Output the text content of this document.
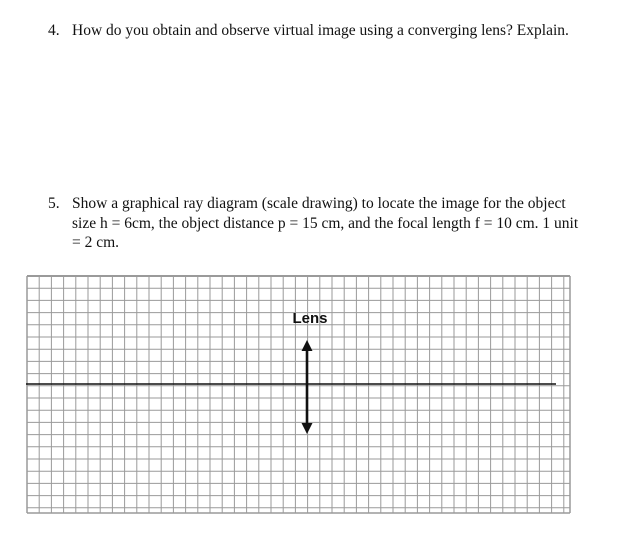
4. How do you obtain and observe virtual image using a converging lens? Explain.
5. Show a graphical ray diagram (scale drawing) to locate the image for the object
size h = 6cm, the object distance p = 15 cm, and the focal length f = 10 cm. 1 unit
= 2 cm.
Lens
